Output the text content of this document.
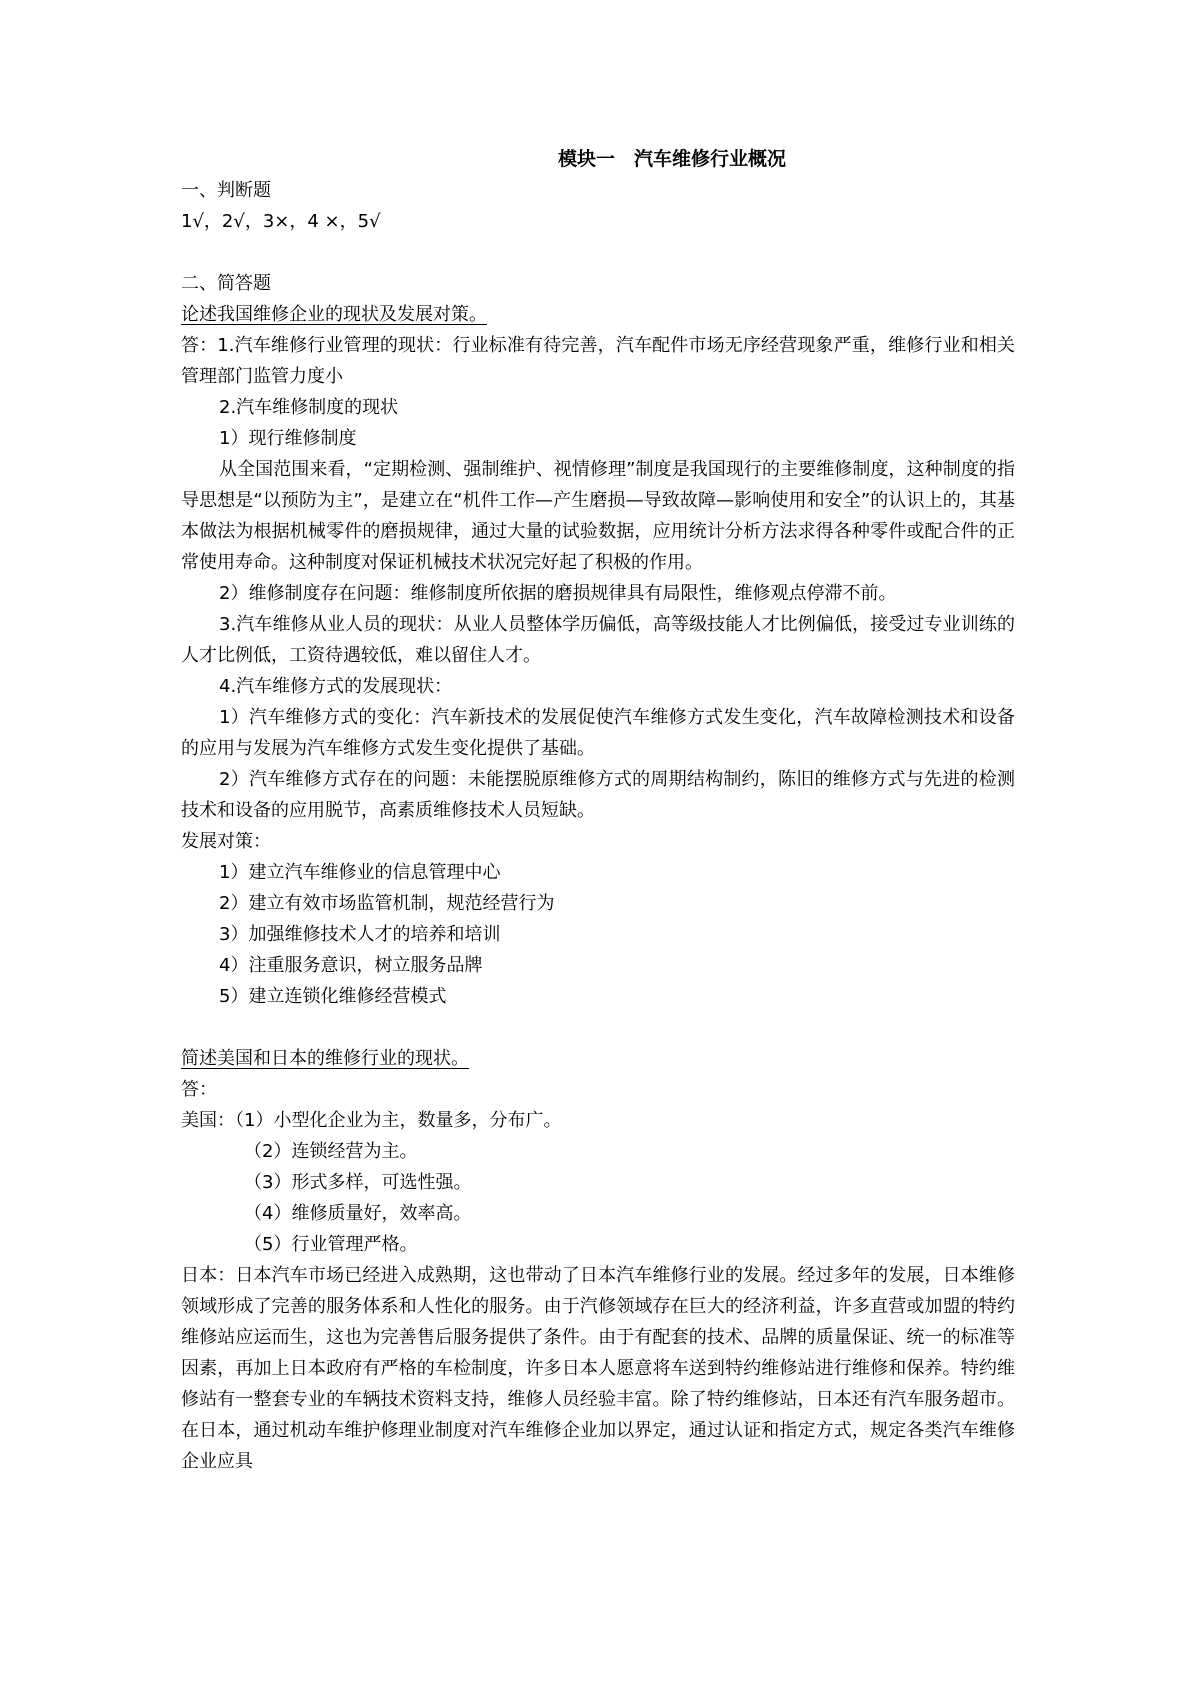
模块一　汽车维修行业概况
一、判断题
1√，2√，3×，4 ×，5√
二、简答题
论述我国维修企业的现状及发展对策。
答：1.汽车维修行业管理的现状：行业标准有待完善，汽车配件市场无序经营现象严重，维修行业和相关管理部门监管力度小
2.汽车维修制度的现状
1）现行维修制度
从全国范围来看，“定期检测、强制维护、视情修理”制度是我国现行的主要维修制度，这种制度的指导思想是“以预防为主”，是建立在“机件工作—产生磨损—导致故障—影响使用和安全”的认识上的，其基本做法为根据机械零件的磨损规律，通过大量的试验数据，应用统计分析方法求得各种零件或配合件的正常使用寿命。这种制度对保证机械技术状况完好起了积极的作用。
2）维修制度存在问题：维修制度所依据的磨损规律具有局限性，维修观点停滞不前。
3.汽车维修从业人员的现状：从业人员整体学历偏低，高等级技能人才比例偏低，接受过专业训练的人才比例低，工资待遇较低，难以留住人才。
4.汽车维修方式的发展现状：
1）汽车维修方式的变化：汽车新技术的发展促使汽车维修方式发生变化，汽车故障检测技术和设备的应用与发展为汽车维修方式发生变化提供了基础。
2）汽车维修方式存在的问题：未能摆脱原维修方式的周期结构制约，陈旧的维修方式与先进的检测技术和设备的应用脱节，高素质维修技术人员短缺。
发展对策：
1）建立汽车维修业的信息管理中心
2）建立有效市场监管机制，规范经营行为
3）加强维修技术人才的培养和培训
4）注重服务意识，树立服务品牌
5）建立连锁化维修经营模式
简述美国和日本的维修行业的现状。
答：
美国：（1）小型化企业为主，数量多，分布广。
（2）连锁经营为主。
（3）形式多样，可选性强。
（4）维修质量好，效率高。
（5）行业管理严格。
日本：日本汽车市场已经进入成熟期，这也带动了日本汽车维修行业的发展。经过多年的发展，日本维修领域形成了完善的服务体系和人性化的服务。由于汽修领域存在巨大的经济利益，许多直营或加盟的特约维修站应运而生，这也为完善售后服务提供了条件。由于有配套的技术、品牌的质量保证、统一的标准等因素，再加上日本政府有严格的车检制度，许多日本人愿意将车送到特约维修站进行维修和保养。特约维修站有一整套专业的车辆技术资料支持，维修人员经验丰富。除了特约维修站，日本还有汽车服务超市。在日本，通过机动车维护修理业制度对汽车维修企业加以界定，通过认证和指定方式，规定各类汽车维修企业应具
